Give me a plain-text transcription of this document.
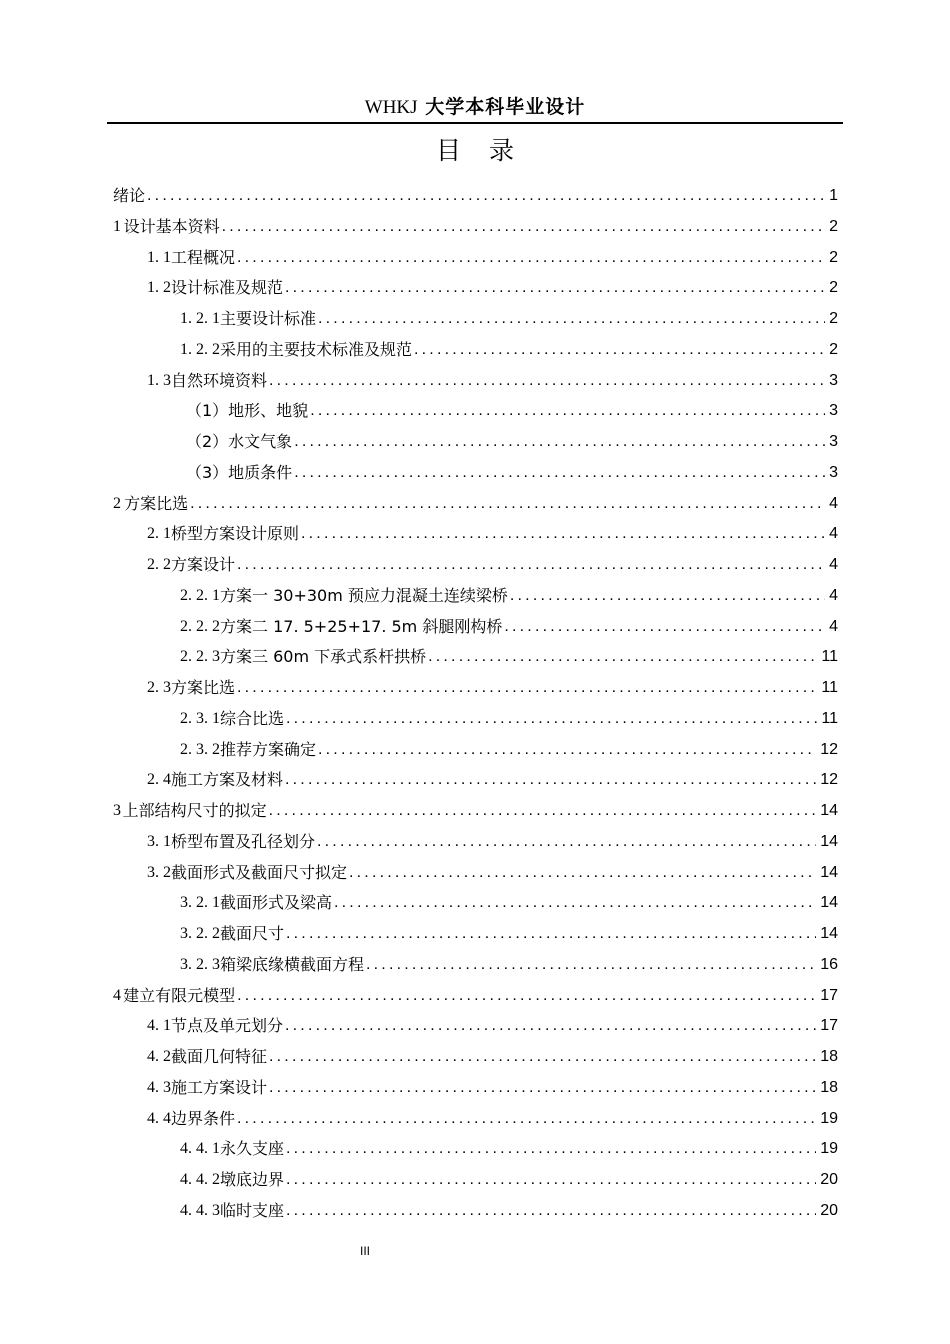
WHKJ 大学本科毕业设计
目录
绪 论 .....	1
1 设计基本资料 .....	2
1. 1 工程概况 .....	2
1. 2 设计标准及规范 .....	2
1. 2. 1 主要设计标准 .....	2
1. 2. 2 采用的主要技术标准及规范 .....	2
1. 3 自然环境资料 .....	3
（1）地形、地貌 .....	3
（2）水文气象 .....	3
（3）地质条件 .....	3
2 方案比选 .....	4
2. 1 桥型方案设计原则 .....	4
2. 2 方案设计 .....	4
2. 2. 1 方案一 30+30m 预应力混凝土连续梁桥 .....	4
2. 2. 2 方案二 17. 5+25+17. 5m 斜腿刚构桥 .....	4
2. 2. 3 方案三 60m 下承式系杆拱桥 .....	11
2. 3 方案比选 .....	11
2. 3. 1 综合比选 .....	11
2. 3. 2 推荐方案确定 .....	12
2. 4 施工方案及材料 .....	12
3 上部结构尺寸的拟定 .....	14
3. 1 桥型布置及孔径划分 .....	14
3. 2 截面形式及截面尺寸拟定 .....	14
3. 2. 1 截面形式及梁高 .....	14
3. 2. 2 截面尺寸 .....	14
3. 2. 3 箱梁底缘横截面方程 .....	16
4 建立有限元模型 .....	17
4. 1 节点及单元划分 .....	17
4. 2 截面几何特征 .....	18
4. 3 施工方案设计 .....	18
4. 4 边界条件 .....	19
4. 4. 1 永久支座 .....	19
4. 4. 2 墩底边界 .....	20
4. 4. 3 临时支座 .....	20
III
